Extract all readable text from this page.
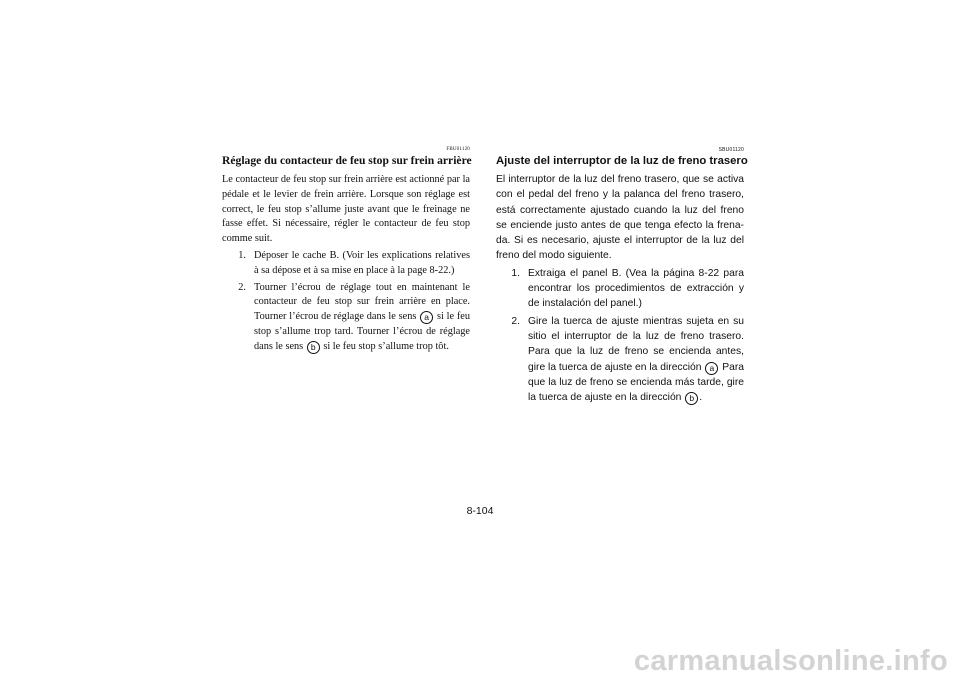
FBU01120
Réglage du contacteur de feu stop sur frein arrière

Le contacteur de feu stop sur frein arrière est actionné par la pédale et le levier de frein arrière. Lorsque son réglage est correct, le feu stop s’allume juste avant que le freinage ne fasse effet. Si nécessaire, régler le contacteur de feu stop comme suit.

1. Déposer le cache B. (Voir les explications relatives à sa dépose et à sa mise en place à la page 8-22.)
2. Tourner l’écrou de réglage tout en maintenant le contacteur de feu stop sur frein arrière en place. Tourner l’écrou de réglage dans le sens a si le feu stop s’allume trop tard. Tourner l’écrou de réglage dans le sens b si le feu stop s’allume trop tôt.
SBU01120
Ajuste del interruptor de la luz de freno trasero

El interruptor de la luz del freno trasero, que se activa con el pedal del freno y la palanca del freno trasero, está correctamente ajustado cuando la luz del freno se enciende justo antes de que tenga efecto la frena-da. Si es necesario, ajuste el interruptor de la luz del freno del modo siguiente.

1. Extraiga el panel B. (Vea la página 8-22 para encontrar los procedimientos de extracción y de instalación del panel.)
2. Gire la tuerca de ajuste mientras sujeta en su sitio el interruptor de la luz de freno trasero. Para que la luz de freno se encienda antes, gire la tuerca de ajuste en la dirección a Para que la luz de freno se encienda más tarde, gire la tuerca de ajuste en la dirección b .
8-104
carmanualsonline.info
